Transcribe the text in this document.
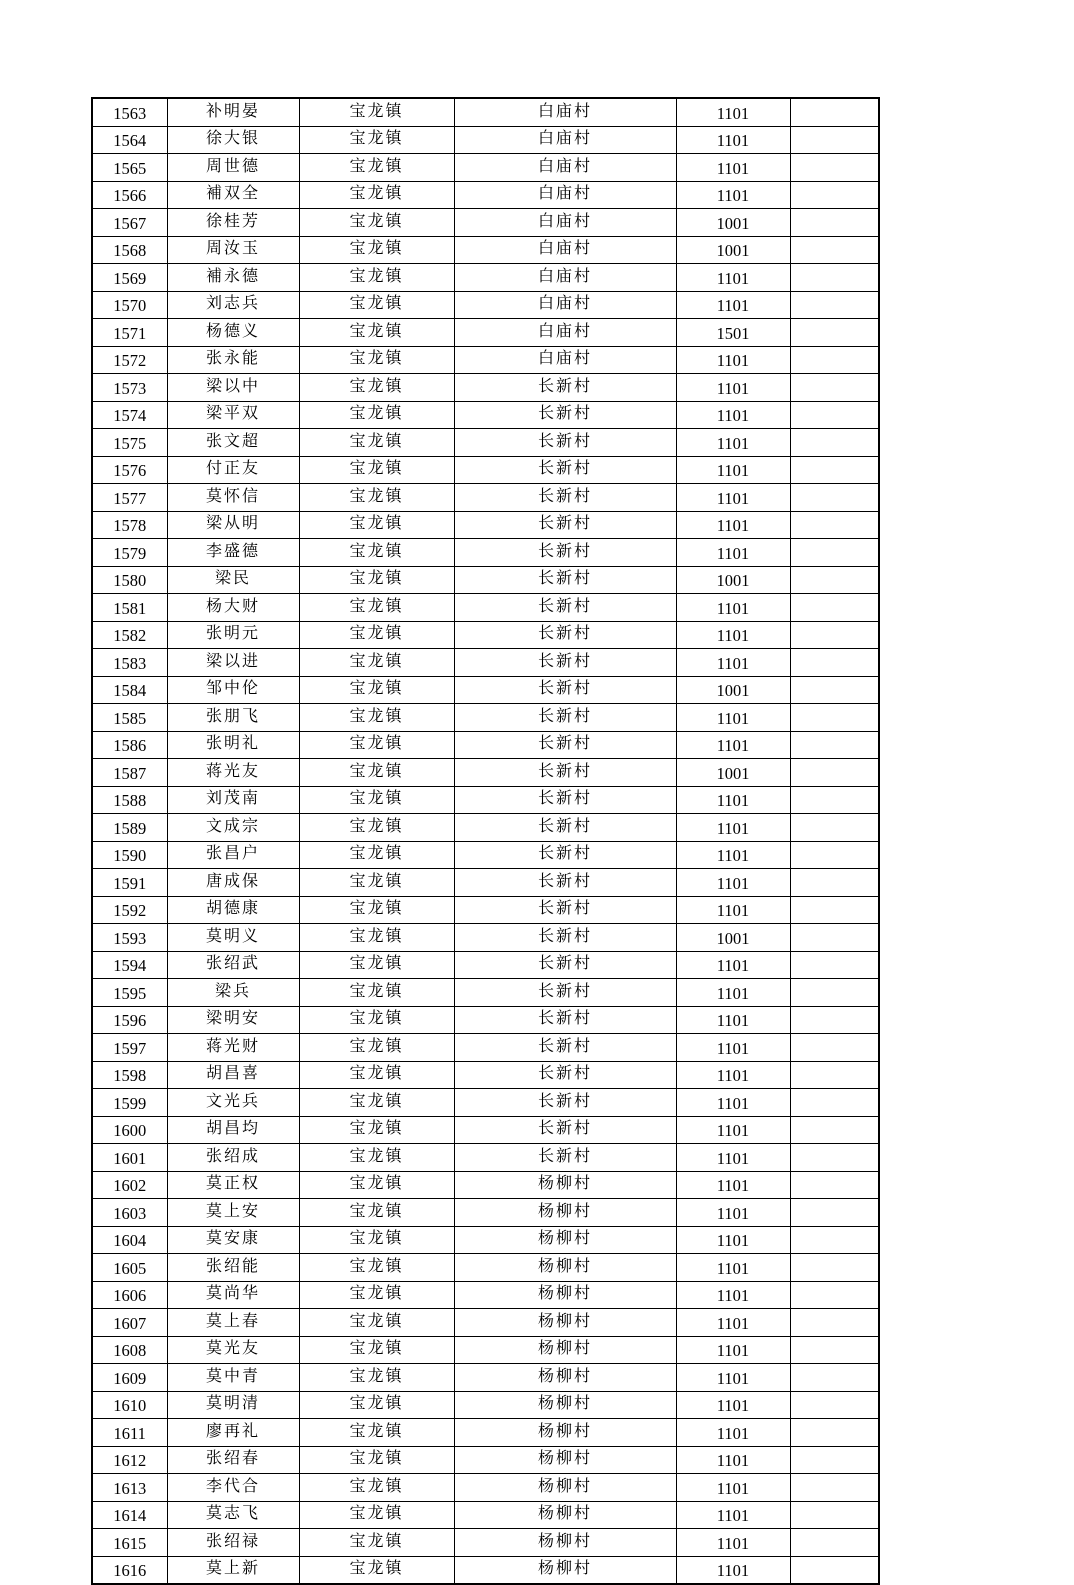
1563	补明晏	宝龙镇	白庙村	1101	
1564	徐大银	宝龙镇	白庙村	1101	
1565	周世德	宝龙镇	白庙村	1101	
1566	補双全	宝龙镇	白庙村	1101	
1567	徐桂芳	宝龙镇	白庙村	1001	
1568	周汝玉	宝龙镇	白庙村	1001	
1569	補永德	宝龙镇	白庙村	1101	
1570	刘志兵	宝龙镇	白庙村	1101	
1571	杨德义	宝龙镇	白庙村	1501	
1572	张永能	宝龙镇	白庙村	1101	
1573	梁以中	宝龙镇	长新村	1101	
1574	梁平双	宝龙镇	长新村	1101	
1575	张文超	宝龙镇	长新村	1101	
1576	付正友	宝龙镇	长新村	1101	
1577	莫怀信	宝龙镇	长新村	1101	
1578	梁从明	宝龙镇	长新村	1101	
1579	李盛德	宝龙镇	长新村	1101	
1580	梁民	宝龙镇	长新村	1001	
1581	杨大财	宝龙镇	长新村	1101	
1582	张明元	宝龙镇	长新村	1101	
1583	梁以进	宝龙镇	长新村	1101	
1584	邹中伦	宝龙镇	长新村	1001	
1585	张朋飞	宝龙镇	长新村	1101	
1586	张明礼	宝龙镇	长新村	1101	
1587	蒋光友	宝龙镇	长新村	1001	
1588	刘茂南	宝龙镇	长新村	1101	
1589	文成宗	宝龙镇	长新村	1101	
1590	张昌户	宝龙镇	长新村	1101	
1591	唐成保	宝龙镇	长新村	1101	
1592	胡德康	宝龙镇	长新村	1101	
1593	莫明义	宝龙镇	长新村	1001	
1594	张绍武	宝龙镇	长新村	1101	
1595	梁兵	宝龙镇	长新村	1101	
1596	梁明安	宝龙镇	长新村	1101	
1597	蒋光财	宝龙镇	长新村	1101	
1598	胡昌喜	宝龙镇	长新村	1101	
1599	文光兵	宝龙镇	长新村	1101	
1600	胡昌均	宝龙镇	长新村	1101	
1601	张绍成	宝龙镇	长新村	1101	
1602	莫正权	宝龙镇	杨柳村	1101	
1603	莫上安	宝龙镇	杨柳村	1101	
1604	莫安康	宝龙镇	杨柳村	1101	
1605	张绍能	宝龙镇	杨柳村	1101	
1606	莫尚华	宝龙镇	杨柳村	1101	
1607	莫上春	宝龙镇	杨柳村	1101	
1608	莫光友	宝龙镇	杨柳村	1101	
1609	莫中青	宝龙镇	杨柳村	1101	
1610	莫明清	宝龙镇	杨柳村	1101	
1611	廖再礼	宝龙镇	杨柳村	1101	
1612	张绍春	宝龙镇	杨柳村	1101	
1613	李代合	宝龙镇	杨柳村	1101	
1614	莫志飞	宝龙镇	杨柳村	1101	
1615	张绍禄	宝龙镇	杨柳村	1101	
1616	莫上新	宝龙镇	杨柳村	1101	
